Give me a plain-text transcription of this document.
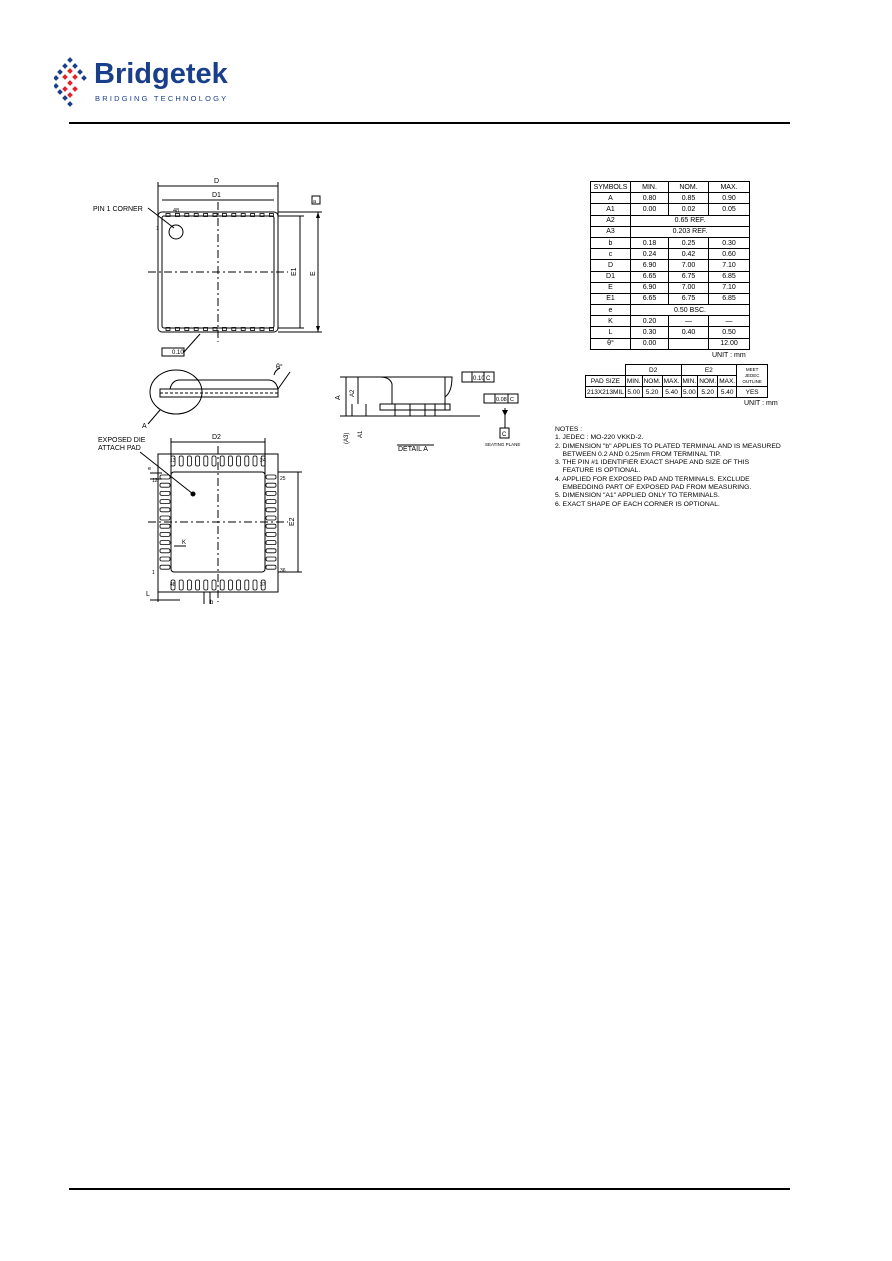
Bridgetek
BRIDGING TECHNOLOGY
D
D1
PIN 1 CORNER	48
1
a
E1 E
0.10
θ°
A
EXPOSED DIE
ATTACH PAD
D2
E2
e
K
L
b
12
13	24
25
36
37
48
1
A
A2
A1
(A3)
0.10 C
0.08 C
C
SEATING PLANE
DETAIL A
SYMBOLS	MIN.	NOM.	MAX.
A	0.80	0.85	0.90
A1	0.00	0.02	0.05
A2	0.65 REF.		
A3	0.203 REF.		
b	0.18	0.25	0.30
c	0.24	0.42	0.60
D	6.90	7.00	7.10
D1	6.65	6.75	6.85
E	6.90	7.00	7.10
E1	6.65	6.75	6.85
e	0.50 BSC.		
K	0.20	—	—
L	0.30	0.40	0.50
θ°	0.00		12.00
UNIT : mm
	D2			E2			MEET JEDEC OUTLINE
PAD SIZE	MIN.	NOM.	MAX.	MIN.	NOM.	MAX.	
213X213MIL	5.00	5.20	5.40	5.00	5.20	5.40	YES
UNIT : mm
NOTES :
1. JEDEC : MO-220 VKKD-2.
2. DIMENSION "b" APPLIES TO PLATED TERMINAL AND IS MEASURED
BETWEEN 0.2 AND 0.25mm FROM TERMINAL TIP.
3. THE PIN #1 IDENTIFIER EXACT SHAPE AND SIZE OF THIS
FEATURE IS OPTIONAL.
4. APPLIED FOR EXPOSED PAD AND TERMINALS. EXCLUDE
EMBEDDING PART OF EXPOSED PAD FROM MEASURING.
5. DIMENSION "A1" APPLIED ONLY TO TERMINALS.
6. EXACT SHAPE OF EACH CORNER IS OPTIONAL.
